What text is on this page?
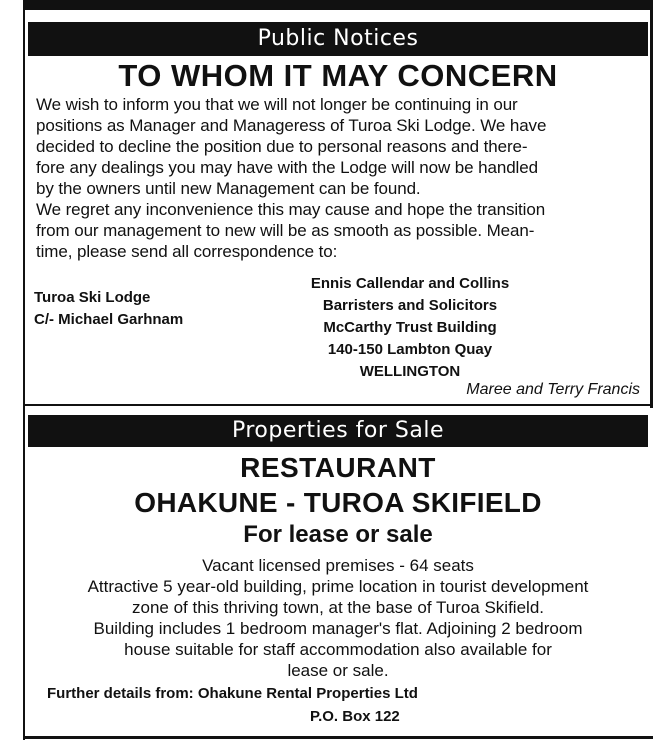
Public Notices
TO WHOM IT MAY CONCERN

We wish to inform you that we will not longer be continuing in our

positions as Manager and Manageress of Turoa Ski Lodge. We have

decided to decline the position due to personal reasons and there-

fore any dealings you may have with the Lodge will now be handled

by the owners until new Management can be found.

We regret any inconvenience this may cause and hope the transition

from our management to new will be as smooth as possible. Mean-

time, please send all correspondence to:

Turoa Ski Lodge
C/- Michael Garhnam
Ennis Callendar and Collins
Barristers and Solicitors
McCarthy Trust Building
140-150 Lambton Quay
WELLINGTON
Maree and Terry Francis
Properties for Sale
RESTAURANT
OHAKUNE - TUROA SKIFIELD
For lease or sale
Vacant licensed premises - 64 seats
Attractive 5 year-old building, prime location in tourist development
zone of this thriving town, at the base of Turoa Skifield.
Building includes 1 bedroom manager's flat. Adjoining 2 bedroom
house suitable for staff accommodation also available for
lease or sale.
Further details from: Ohakune Rental Properties Ltd
P.O. Box 122
